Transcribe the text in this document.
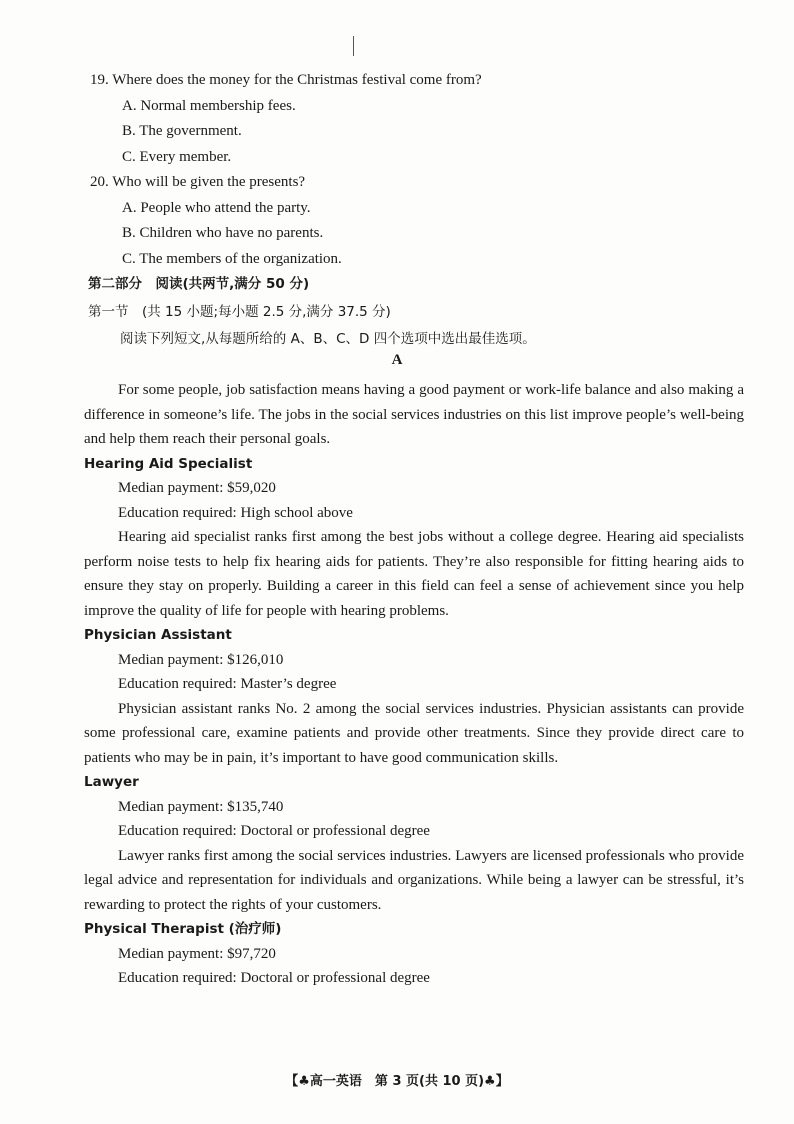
19. Where does the money for the Christmas festival come from?
A. Normal membership fees.
B. The government.
C. Every member.
20. Who will be given the presents?
A. People who attend the party.
B. Children who have no parents.
C. The members of the organization.
第二部分　阅读(共两节,满分 50 分)
第一节　(共 15 小题;每小题 2.5 分,满分 37.5 分)
阅读下列短文,从每题所给的 A、B、C、D 四个选项中选出最佳选项。
A

For some people, job satisfaction means having a good payment or work-life balance and also making a difference in someone’s life. The jobs in the social services industries on this list improve people’s well-being and help them reach their personal goals.

Hearing Aid Specialist
Median payment: $59,020
Education required: High school above

Hearing aid specialist ranks first among the best jobs without a college degree. Hearing aid specialists perform noise tests to help fix hearing aids for patients. They’re also responsible for fitting hearing aids to ensure they stay on properly. Building a career in this field can feel a sense of achievement since you help improve the quality of life for people with hearing problems.

Physician Assistant
Median payment: $126,010
Education required: Master’s degree

Physician assistant ranks No. 2 among the social services industries. Physician assistants can provide some professional care, examine patients and provide other treatments. Since they provide direct care to patients who may be in pain, it’s important to have good communication skills.

Lawyer
Median payment: $135,740
Education required: Doctoral or professional degree

Lawyer ranks first among the social services industries. Lawyers are licensed professionals who provide legal advice and representation for individuals and organizations. While being a lawyer can be stressful, it’s rewarding to protect the rights of your customers.

Physical Therapist (治疗师)
Median payment: $97,720
Education required: Doctoral or professional degree
【♣高一英语　第 3 页(共 10 页)♣】
